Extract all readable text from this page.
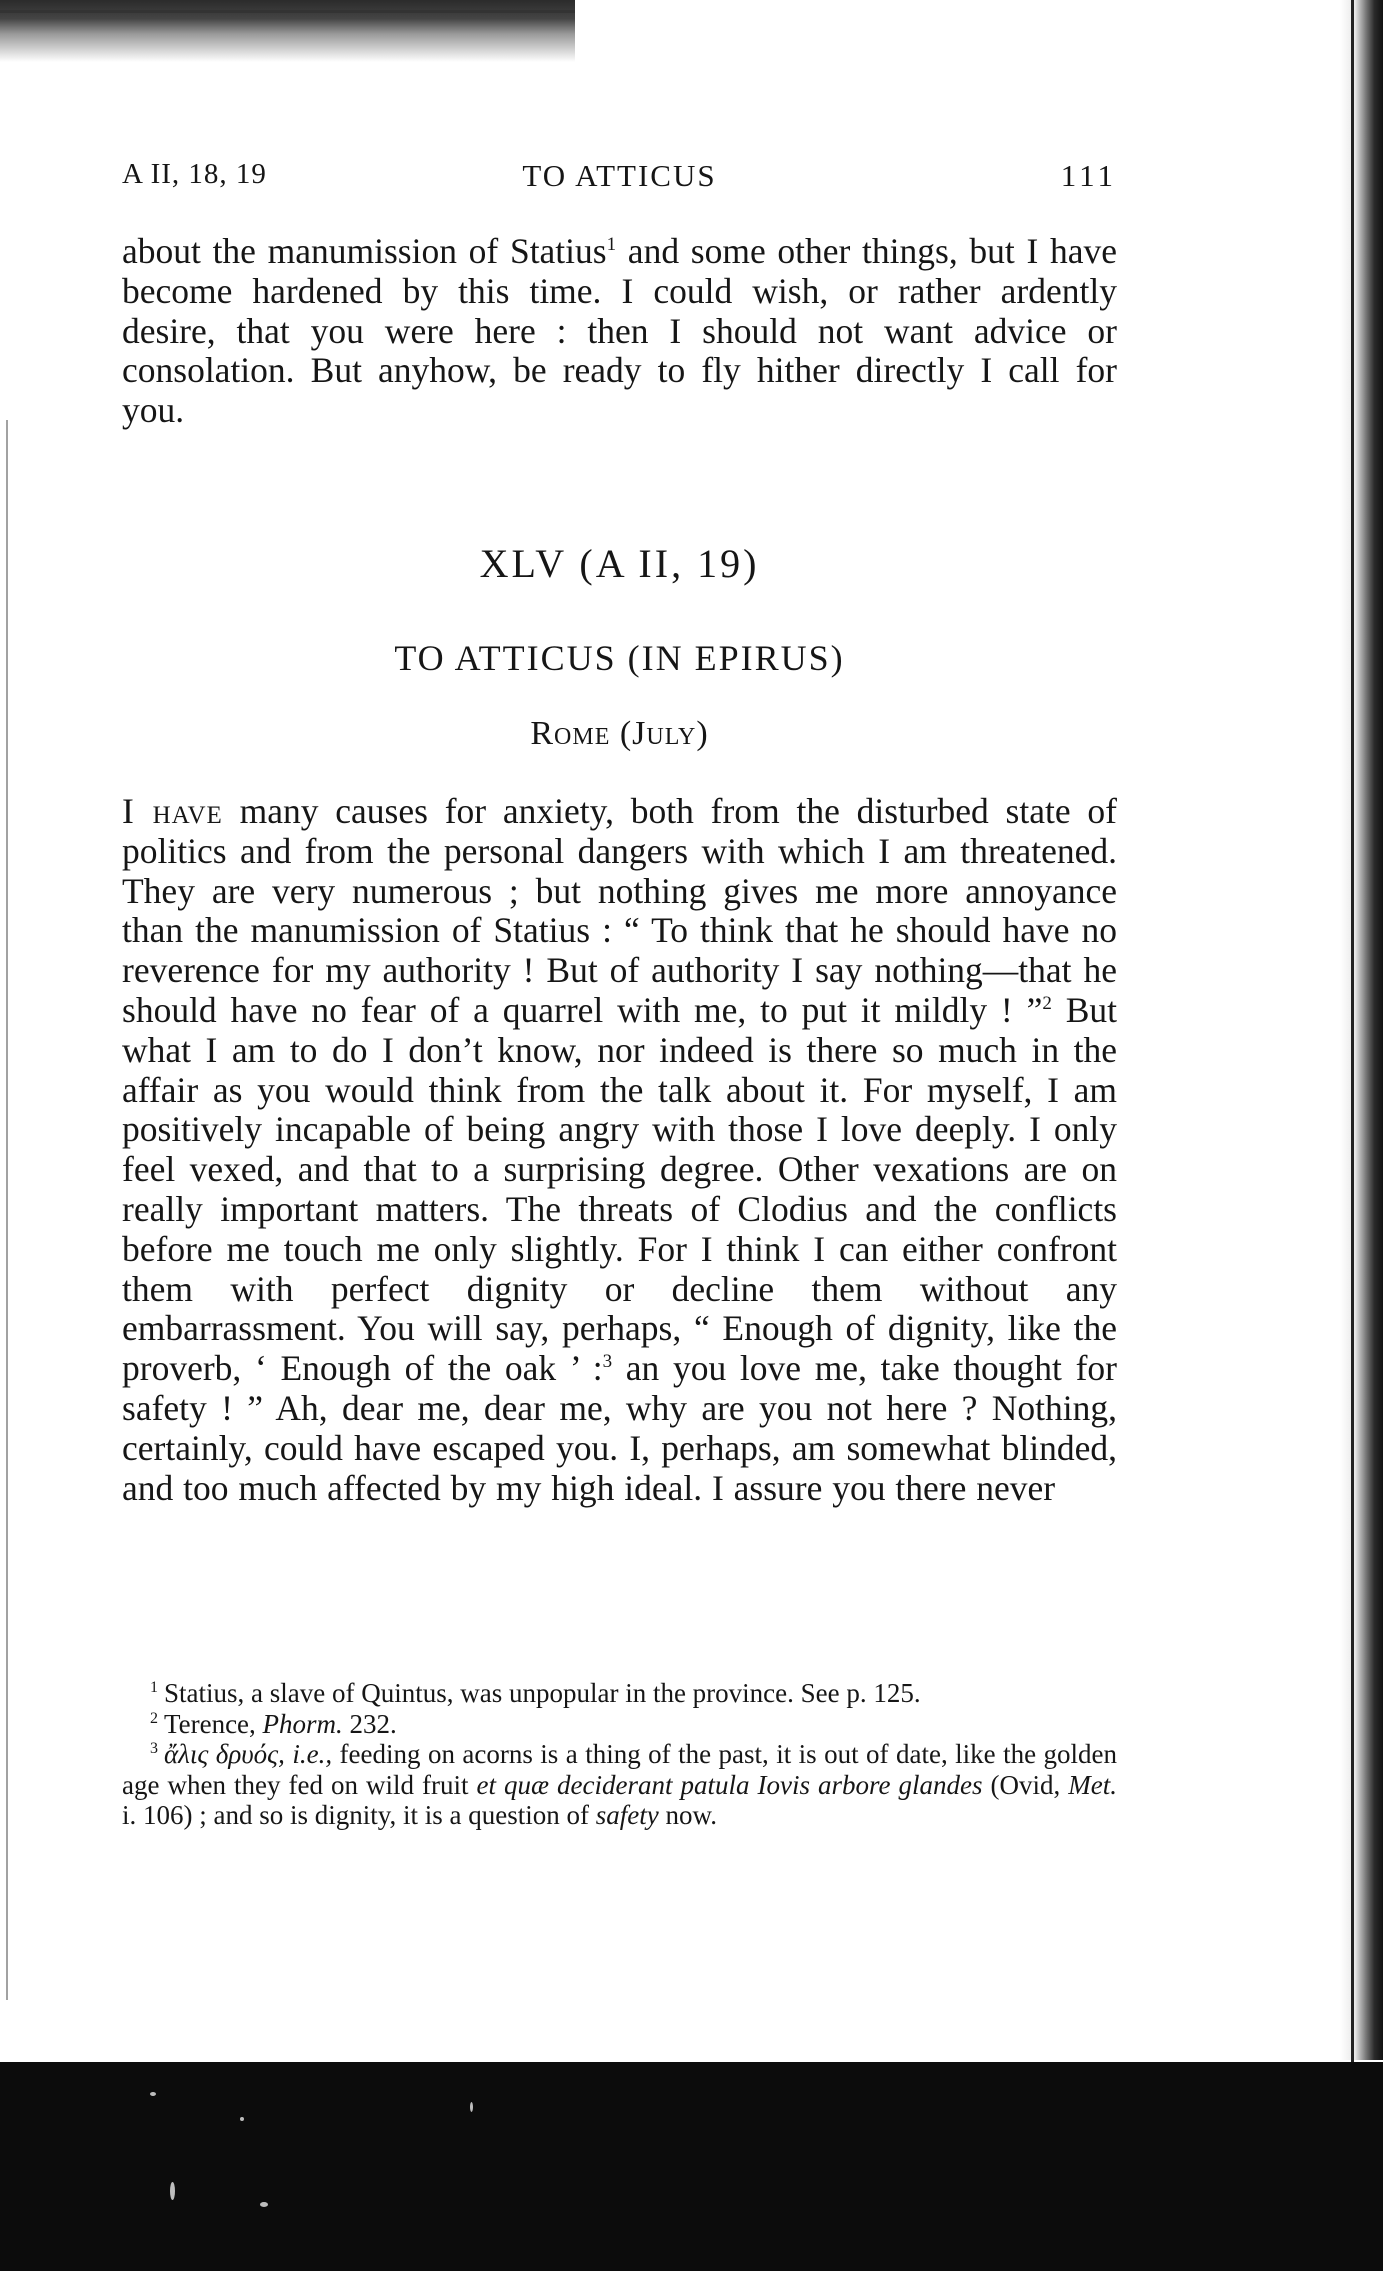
A II, 18, 19	TO ATTICUS	111

about the manumission of Statius$^1$ and some other things, but I have become hardened by this time. I could wish, or rather ardently desire, that you were here : then I should not want advice or consolation. But anyhow, be ready to fly hither directly I call for you.

XLV (A II, 19)
TO ATTICUS (IN EPIRUS)
Rome (July)

I have many causes for anxiety, both from the disturbed state of politics and from the personal dangers with which I am threatened. They are very numerous ; but nothing gives me more annoyance than the manumission of Statius : “ To think that he should have no reverence for my authority ! But of authority I say nothing—that he should have no fear of a quarrel with me, to put it mildly ! ”$^2$ But what I am to do I don’t know, nor indeed is there so much in the affair as you would think from the talk about it. For myself, I am positively incapable of being angry with those I love deeply. I only feel vexed, and that to a surprising degree. Other vexations are on really important matters. The threats of Clodius and the conflicts before me touch me only slightly. For I think I can either confront them with perfect dignity or decline them without any embarrassment. You will say, perhaps, “ Enough of dignity, like the proverb, ‘ Enough of the oak ’ :$^3$ an you love me, take thought for safety ! ” Ah, dear me, dear me, why are you not here ? Nothing, certainly, could have escaped you. I, perhaps, am somewhat blinded, and too much affected by my high ideal. I assure you there never

$^1$ Statius, a slave of Quintus, was unpopular in the province. See p. 125.

$^2$ Terence, Phorm. 232.

$^3$ ἄλις δρυός, i.e., feeding on acorns is a thing of the past, it is out of date, like the golden age when they fed on wild fruit et quæ deciderant patula Iovis arbore glandes (Ovid, Met. i. 106) ; and so is dignity, it is a question of safety now.
